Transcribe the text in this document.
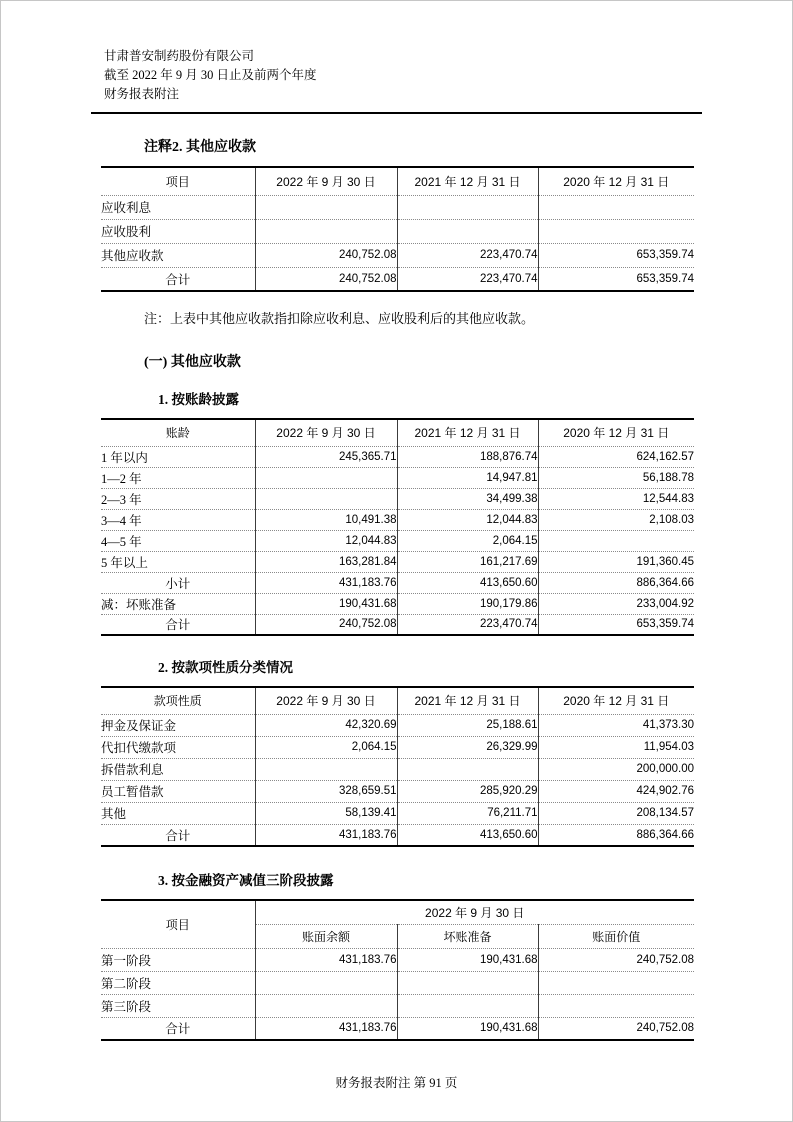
甘肃普安制药股份有限公司
截至 2022 年 9 月 30 日止及前两个年度
财务报表附注
注释2. 其他应收款
项目	2022 年 9 月 30 日	2021 年 12 月 31 日	2020 年 12 月 31 日
应收利息			
应收股利			
其他应收款	240,752.08	223,470.74	653,359.74
合计	240,752.08	223,470.74	653,359.74
注：上表中其他应收款指扣除应收利息、应收股利后的其他应收款。
(一) 其他应收款
1. 按账龄披露
账龄	2022 年 9 月 30 日	2021 年 12 月 31 日	2020 年 12 月 31 日
1 年以内	245,365.71	188,876.74	624,162.57
1—2 年		14,947.81	56,188.78
2—3 年		34,499.38	12,544.83
3—4 年	10,491.38	12,044.83	2,108.03
4—5 年	12,044.83	2,064.15	
5 年以上	163,281.84	161,217.69	191,360.45
小计	431,183.76	413,650.60	886,364.66
减：坏账准备	190,431.68	190,179.86	233,004.92
合计	240,752.08	223,470.74	653,359.74
2. 按款项性质分类情况
款项性质	2022 年 9 月 30 日	2021 年 12 月 31 日	2020 年 12 月 31 日
押金及保证金	42,320.69	25,188.61	41,373.30
代扣代缴款项	2,064.15	26,329.99	11,954.03
拆借款利息			200,000.00
员工暂借款	328,659.51	285,920.29	424,902.76
其他	58,139.41	76,211.71	208,134.57
合计	431,183.76	413,650.60	886,364.66
3. 按金融资产减值三阶段披露
项目	2022 年 9 月 30 日		
	账面余额	坏账准备	账面价值
第一阶段	431,183.76	190,431.68	240,752.08
第二阶段			
第三阶段			
合计	431,183.76	190,431.68	240,752.08
财务报表附注 第 91 页
